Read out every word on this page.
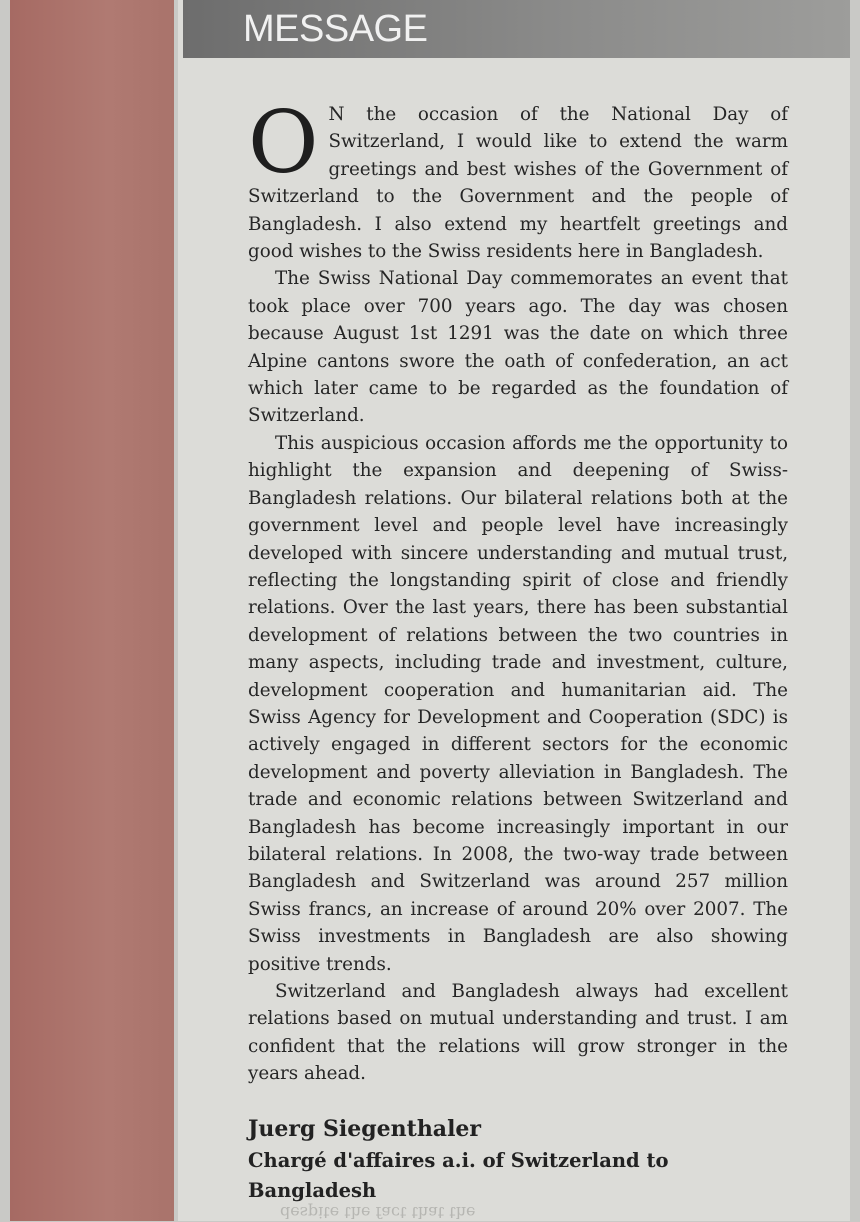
MESSAGE

O N the occasion of the National Day of Switzerland, I would like to extend the warm greetings and best wishes of the Government of Switzerland to the Government and the people of Bangladesh. I also extend my heartfelt greetings and good wishes to the Swiss residents here in Bangladesh.

The Swiss National Day commemorates an event that took place over 700 years ago. The day was chosen because August 1st 1291 was the date on which three Alpine cantons swore the oath of confederation, an act which later came to be regarded as the foundation of Switzerland.

This auspicious occasion affords me the opportunity to highlight the expansion and deepening of Swiss-Bangladesh relations. Our bilateral relations both at the government level and people level have increasingly developed with sincere understanding and mutual trust, reflecting the longstanding spirit of close and friendly relations. Over the last years, there has been substantial development of relations between the two countries in many aspects, including trade and investment, culture, development cooperation and humanitarian aid. The Swiss Agency for Development and Cooperation (SDC) is actively engaged in different sectors for the economic development and poverty alleviation in Bangladesh. The trade and economic relations between Switzerland and Bangladesh has become increasingly important in our bilateral relations. In 2008, the two-way trade between Bangladesh and Switzerland was around 257 million Swiss francs, an increase of around 20% over 2007. The Swiss investments in Bangladesh are also showing positive trends.

Switzerland and Bangladesh always had excellent relations based on mutual understanding and trust. I am confident that the relations will grow stronger in the years ahead.

Juerg Siegenthaler
Chargé d'affaires a.i. of Switzerland to Bangladesh
despite the fact that the
